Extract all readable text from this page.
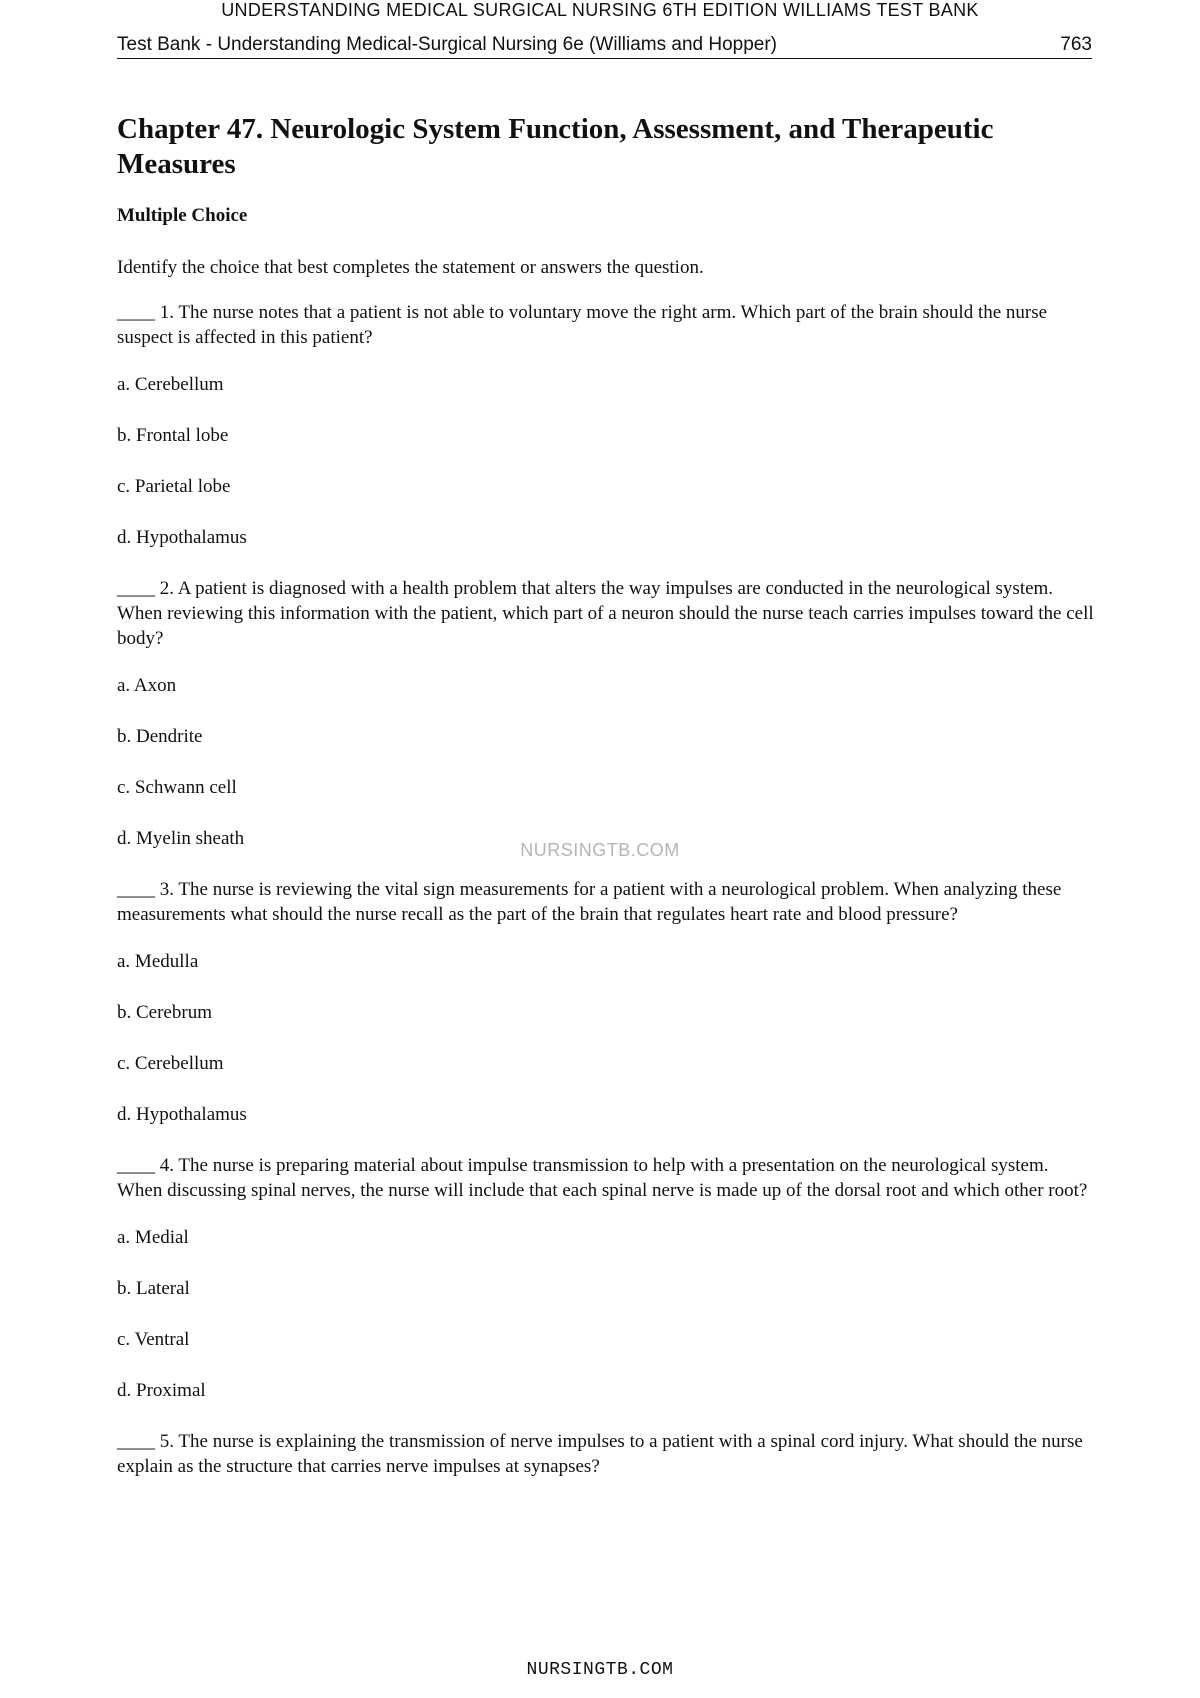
UNDERSTANDING MEDICAL SURGICAL NURSING 6TH EDITION WILLIAMS TEST BANK
Test Bank - Understanding Medical-Surgical Nursing 6e (Williams and Hopper)	763
Chapter 47. Neurologic System Function, Assessment, and Therapeutic Measures
Multiple Choice
Identify the choice that best completes the statement or answers the question.
____ 1. The nurse notes that a patient is not able to voluntary move the right arm. Which part of the brain should the nurse suspect is affected in this patient?
a. Cerebellum
b. Frontal lobe
c. Parietal lobe
d. Hypothalamus
____ 2. A patient is diagnosed with a health problem that alters the way impulses are conducted in the neurological system. When reviewing this information with the patient, which part of a neuron should the nurse teach carries impulses toward the cell body?
a. Axon
b. Dendrite
c. Schwann cell
d. Myelin sheath
____ 3. The nurse is reviewing the vital sign measurements for a patient with a neurological problem. When analyzing these measurements what should the nurse recall as the part of the brain that regulates heart rate and blood pressure?
a. Medulla
b. Cerebrum
c. Cerebellum
d. Hypothalamus
____ 4. The nurse is preparing material about impulse transmission to help with a presentation on the neurological system. When discussing spinal nerves, the nurse will include that each spinal nerve is made up of the dorsal root and which other root?
a. Medial
b. Lateral
c. Ventral
d. Proximal
____ 5. The nurse is explaining the transmission of nerve impulses to a patient with a spinal cord injury. What should the nurse explain as the structure that carries nerve impulses at synapses?
NURSINGTB.COM
NURSINGTB.COM
